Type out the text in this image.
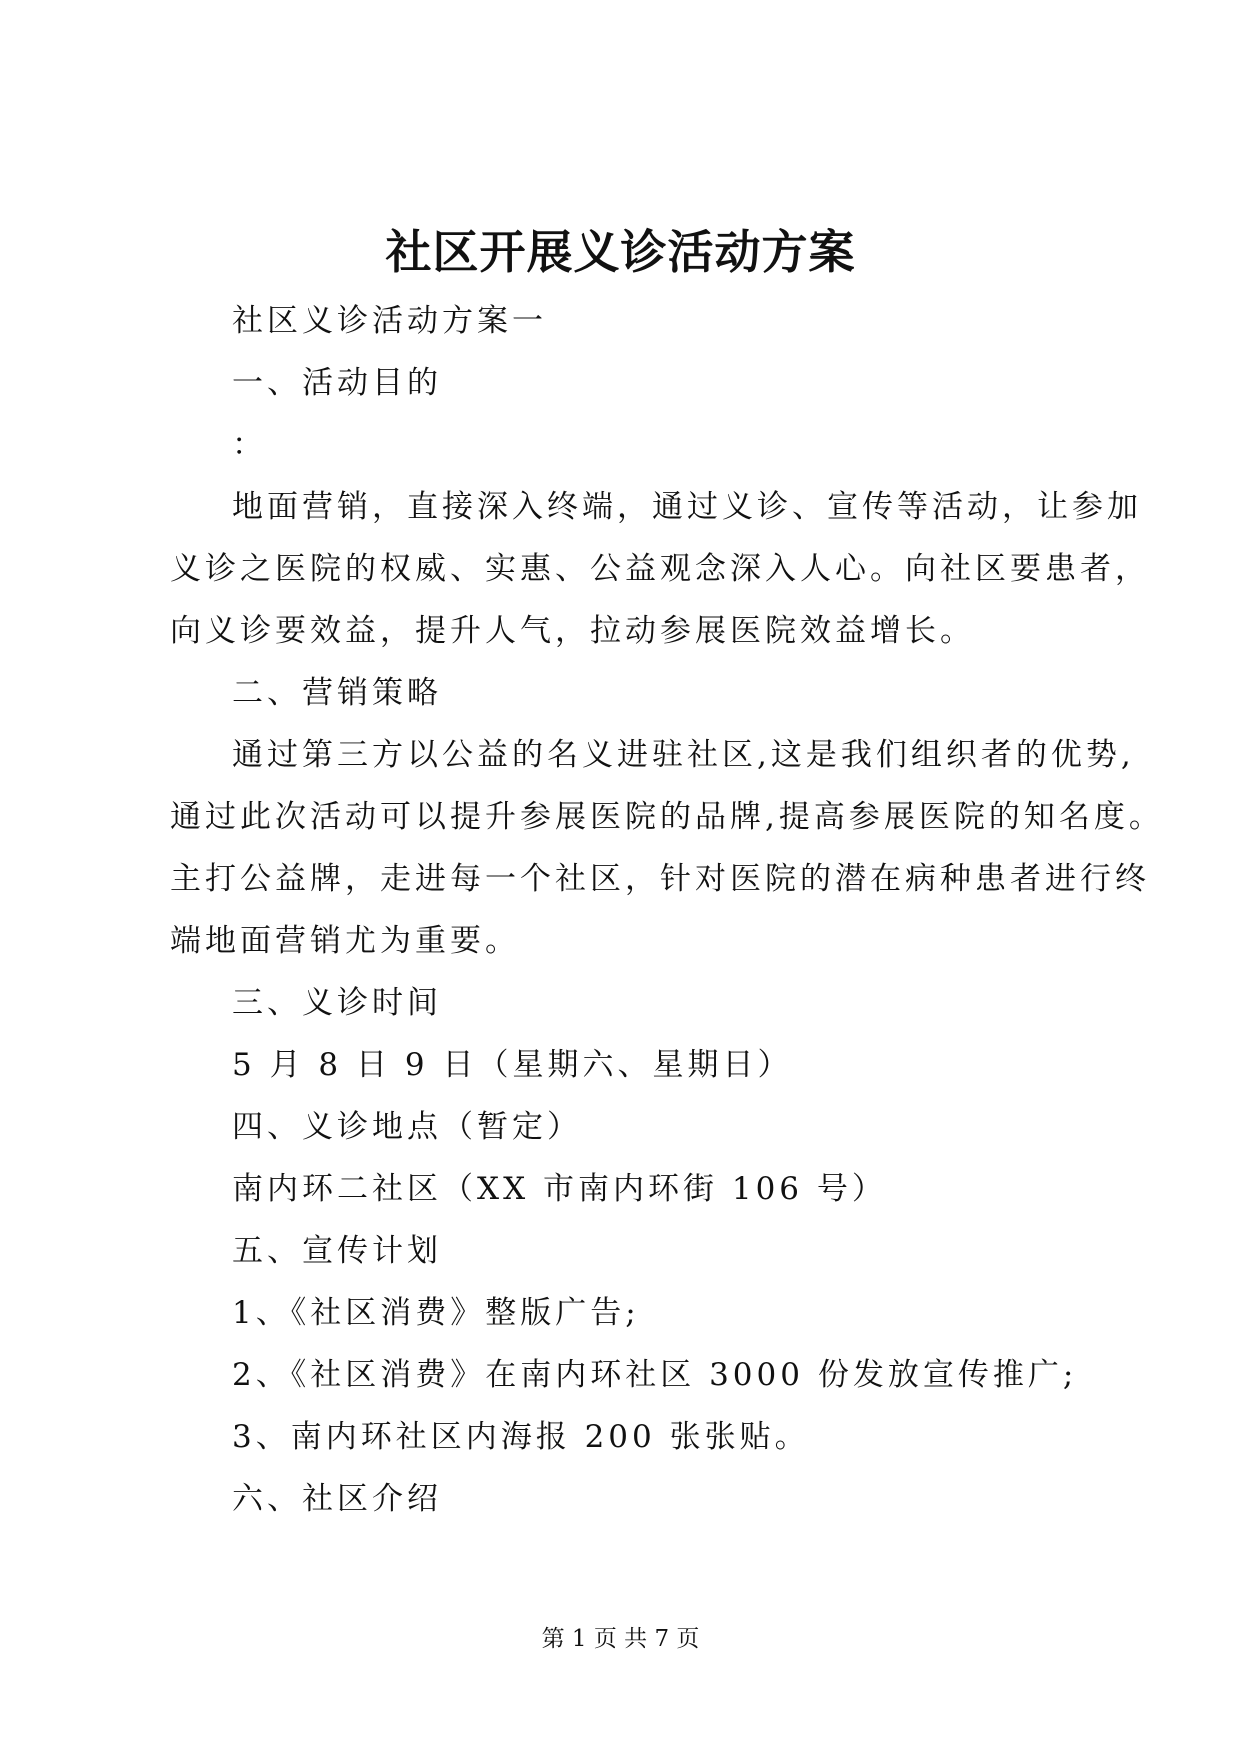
社区开展义诊活动方案
社区义诊活动方案一
一、活动目的
：
地面营销，直接深入终端，通过义诊、宣传等活动，让参加
义诊之医院的权威、实惠、公益观念深入人心。向社区要患者，
向义诊要效益，提升人气，拉动参展医院效益增长。
二、营销策略
通过第三方以公益的名义进驻社区,这是我们组织者的优势,
通过此次活动可以提升参展医院的品牌,提高参展医院的知名度。
主打公益牌，走进每一个社区，针对医院的潜在病种患者进行终
端地面营销尤为重要。
三、义诊时间
5 月 8 日 9 日（星期六、星期日）
四、义诊地点（暂定）
南内环二社区（XX 市南内环街 106 号）
五、宣传计划
1、《社区消费》整版广告;
2、《社区消费》在南内环社区 3000 份发放宣传推广;
3、南内环社区内海报 200 张张贴。
六、社区介绍
第 1 页 共 7 页
